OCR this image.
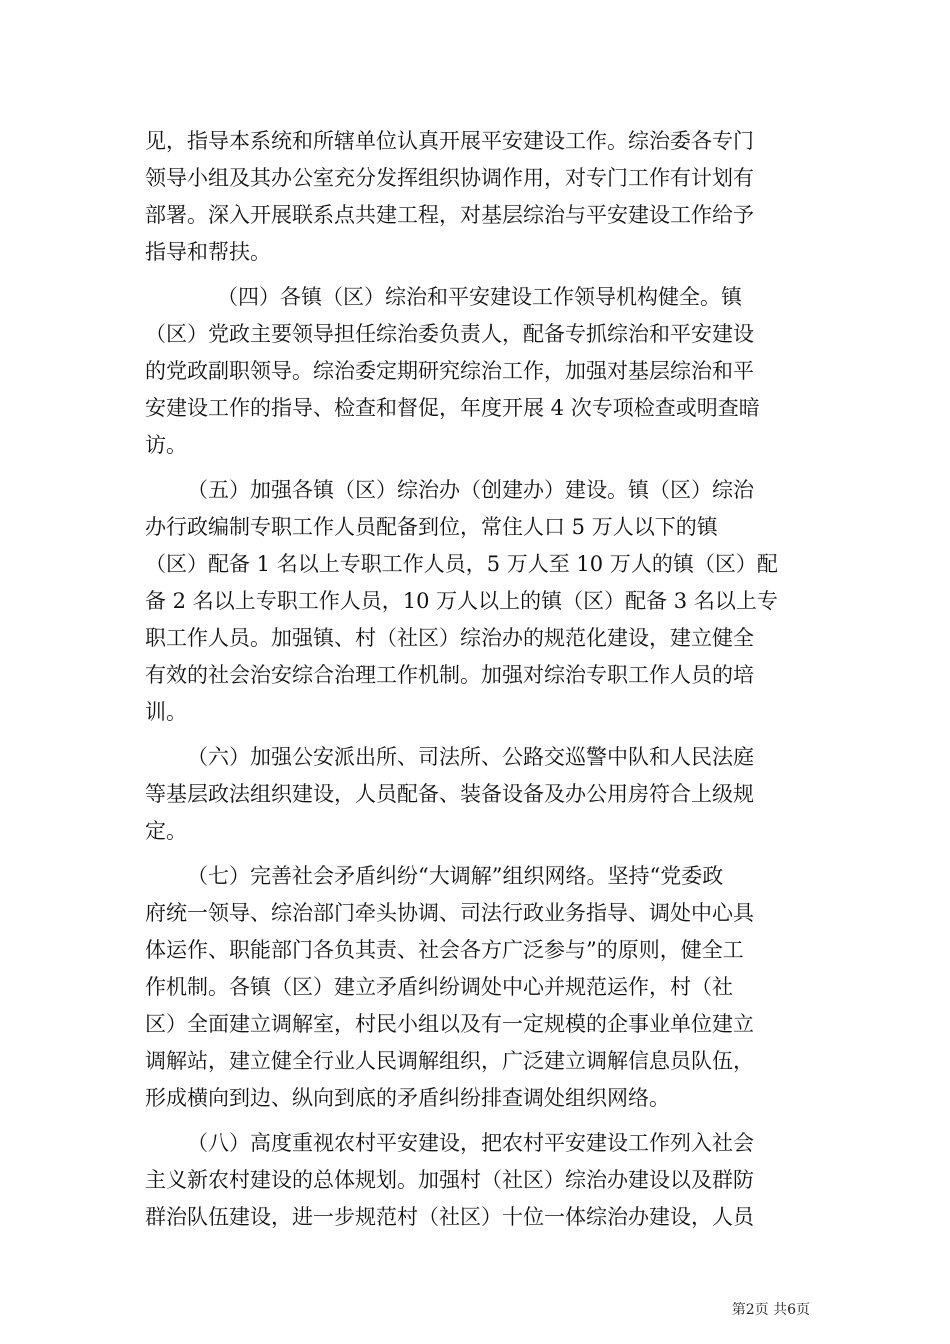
见，指导本系统和所辖单位认真开展平安建设工作。综治委各专门
领导小组及其办公室充分发挥组织协调作用，对专门工作有计划有
部署。深入开展联系点共建工程，对基层综治与平安建设工作给予
指导和帮扶。
（四）各镇（区）综治和平安建设工作领导机构健全。镇
（区）党政主要领导担任综治委负责人，配备专抓综治和平安建设
的党政副职领导。综治委定期研究综治工作，加强对基层综治和平
安建设工作的指导、检查和督促，年度开展 4 次专项检查或明查暗
访。
（五）加强各镇（区）综治办（创建办）建设。镇（区）综治
办行政编制专职工作人员配备到位，常住人口 5 万人以下的镇
（区）配备 1 名以上专职工作人员，5 万人至 10 万人的镇（区）配
备 2 名以上专职工作人员，10 万人以上的镇（区）配备 3 名以上专
职工作人员。加强镇、村（社区）综治办的规范化建设，建立健全
有效的社会治安综合治理工作机制。加强对综治专职工作人员的培
训。
（六）加强公安派出所、司法所、公路交巡警中队和人民法庭
等基层政法组织建设，人员配备、装备设备及办公用房符合上级规
定。
（七）完善社会矛盾纠纷“大调解”组织网络。坚持“党委政
府统一领导、综治部门牵头协调、司法行政业务指导、调处中心具
体运作、职能部门各负其责、社会各方广泛参与”的原则，健全工
作机制。各镇（区）建立矛盾纠纷调处中心并规范运作，村（社
区）全面建立调解室，村民小组以及有一定规模的企事业单位建立
调解站，建立健全行业人民调解组织，广泛建立调解信息员队伍，
形成横向到边、纵向到底的矛盾纠纷排查调处组织网络。
（八）高度重视农村平安建设，把农村平安建设工作列入社会
主义新农村建设的总体规划。加强村（社区）综治办建设以及群防
群治队伍建设，进一步规范村（社区）十位一体综治办建设，人员
第2页 共6页
